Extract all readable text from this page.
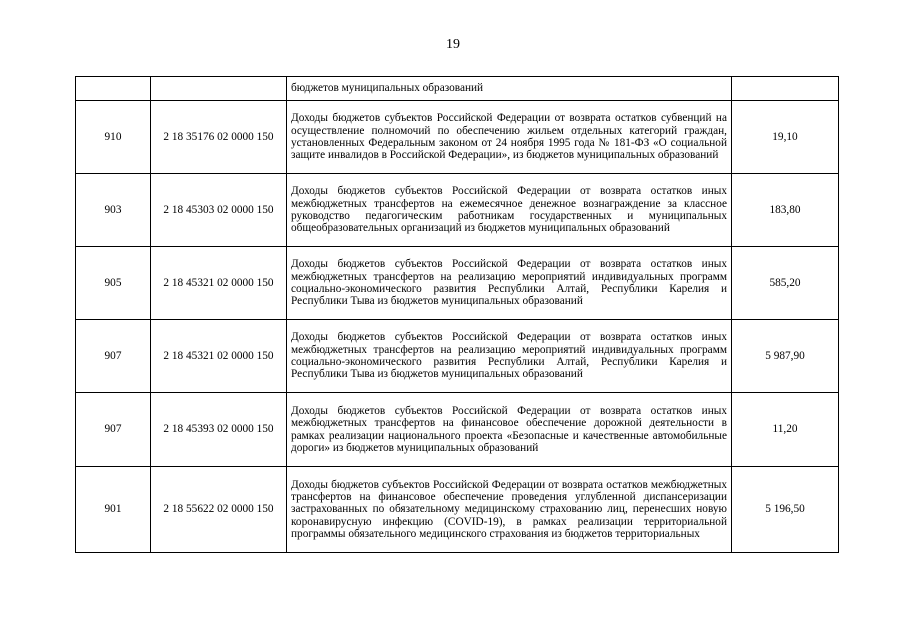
19
		бюджетов муниципальных образований	
910	2 18 35176 02 0000 150	Доходы бюджетов субъектов Российской Федерации от возврата остатков субвенций на осуществление полномочий по обеспечению жильем отдельных категорий граждан, установленных Федеральным законом от 24 ноября 1995 года № 181-ФЗ «О социальной защите инвалидов в Российской Федерации», из бюджетов муниципальных образований	19,10
903	2 18 45303 02 0000 150	Доходы бюджетов субъектов Российской Федерации от возврата остатков иных межбюджетных трансфертов на ежемесячное денежное вознаграждение за классное руководство педагогическим работникам государственных и муниципальных общеобразовательных организаций из бюджетов муниципальных образований	183,80
905	2 18 45321 02 0000 150	Доходы бюджетов субъектов Российской Федерации от возврата остатков иных межбюджетных трансфертов на реализацию мероприятий индивидуальных программ социально-экономического развития Республики Алтай, Республики Карелия и Республики Тыва из бюджетов муниципальных образований	585,20
907	2 18 45321 02 0000 150	Доходы бюджетов субъектов Российской Федерации от возврата остатков иных межбюджетных трансфертов на реализацию мероприятий индивидуальных программ социально-экономического развития Республики Алтай, Республики Карелия и Республики Тыва из бюджетов муниципальных образований	5 987,90
907	2 18 45393 02 0000 150	Доходы бюджетов субъектов Российской Федерации от возврата остатков иных межбюджетных трансфертов на финансовое обеспечение дорожной деятельности в рамках реализации национального проекта «Безопасные и качественные автомобильные дороги» из бюджетов муниципальных образований	11,20
901	2 18 55622 02 0000 150	Доходы бюджетов субъектов Российской Федерации от возврата остатков межбюджетных трансфертов на финансовое обеспечение проведения углубленной диспансеризации застрахованных по обязательному медицинскому страхованию лиц, перенесших новую коронавирусную инфекцию (COVID-19), в рамках реализации территориальной программы обязательного медицинского страхования из бюджетов территориальных	5 196,50
